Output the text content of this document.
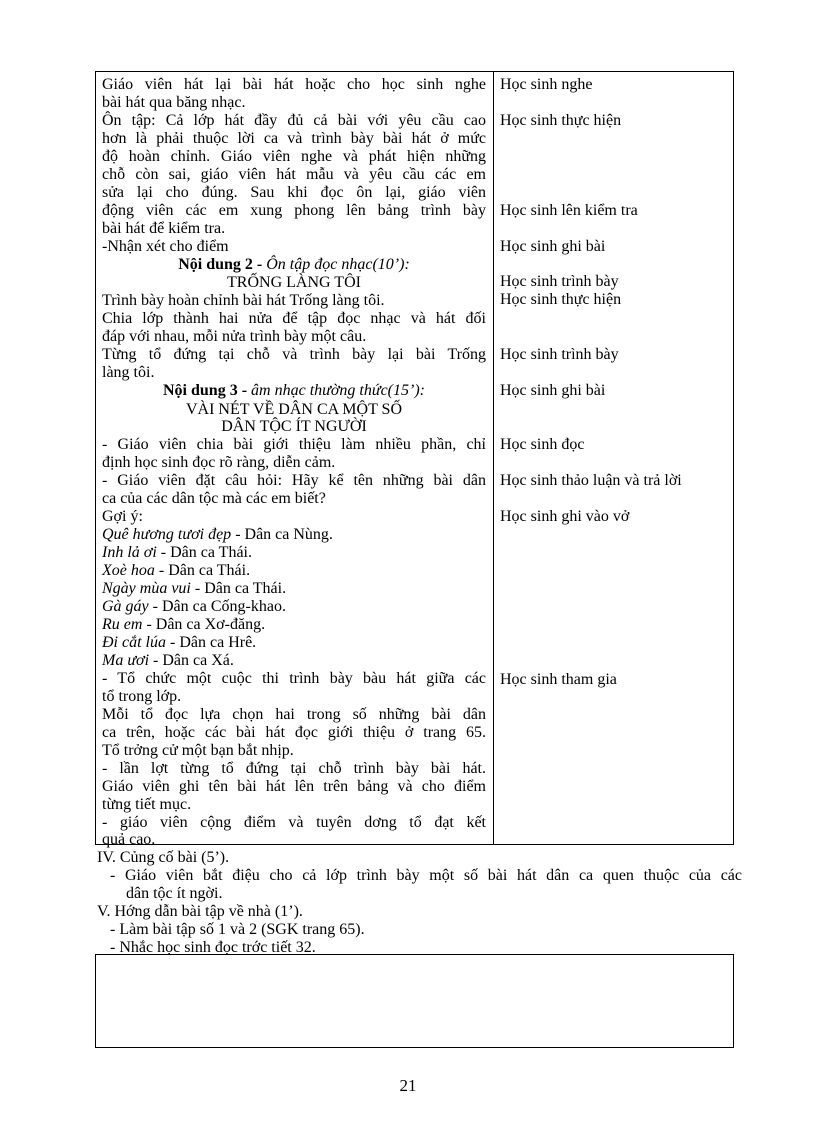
Giáo viên hát lại bài hát hoặc cho học sinh nghe
bài hát qua băng nhạc.
Ôn tập: Cả lớp hát đầy đủ cả bài với yêu cầu cao
hơn là phải thuộc lời ca và trình bày bài hát ở mức
độ hoàn chỉnh. Giáo viên nghe và phát hiện những
chỗ còn sai, giáo viên hát mẫu và yêu cầu các em
sửa lại cho đúng. Sau khi đọc ôn lại, giáo viên
động viên các em xung phong lên bảng trình bày
bài hát để kiểm tra.
-Nhận xét cho điểm
Nội dung 2 - Ôn tập đọc nhạc(10’):
TRỐNG LÀNG TÔI
Trình bày hoàn chỉnh bài hát Trống làng tôi.
Chia lớp thành hai nửa để tập đọc nhạc và hát đối
đáp với nhau, mỗi nửa trình bày một câu.
Từng tổ đứng tại chỗ và trình bày lại bài Trống
làng tôi.
Nội dung 3 - âm nhạc thường thức(15’):
VÀI NÉT VỀ DÂN CA MỘT SỐ
DÂN TỘC ÍT NGƯỜI
- Giáo viên chia bài giới thiệu làm nhiều phần, chỉ
định học sinh đọc rõ ràng, diễn cảm.
- Giáo viên đặt câu hỏi: Hãy kể tên những bài dân
ca của các dân tộc mà các em biết?
Gợi ý:
Quê hương tươi đẹp - Dân ca Nùng.
Inh lả ơi - Dân ca Thái.
Xoè hoa - Dân ca Thái.
Ngày mùa vui - Dân ca Thái.
Gà gáy - Dân ca Cống-khao.
Ru em - Dân ca Xơ-đăng.
Đi cắt lúa - Dân ca Hrê.
Ma ươi - Dân ca Xá.
- Tổ chức một cuộc thi trình bày bàu hát giữa các
tổ trong lớp.
Mỗi tổ đọc lựa chọn hai trong số những bài dân
ca trên, hoặc các bài hát đọc giới thiệu ở trang 65.
Tổ trởng cử một bạn bắt nhịp.
- lần lợt từng tổ đứng tại chỗ trình bày bài hát.
Giáo viên ghi tên bài hát lên trên bảng và cho điểm
từng tiết mục.
- giáo viên cộng điểm và tuyên dơng tổ đạt kết
quả cao.
Học sinh nghe
Học sinh thực hiện
Học sinh lên kiểm tra
Học sinh ghi bài
Học sinh trình bày
Học sinh thực hiện
Học sinh trình bày
Học sinh ghi bài
Học sinh đọc
Học sinh thảo luận và trả lời
Học sinh ghi vào vở
Học sinh tham gia
IV. Củng cố bài (5’).
- Giáo viên bắt điệu cho cả lớp trình bày một số bài hát dân ca quen thuộc của các
dân tộc ít ngời.
V. Hớng dẫn bài tập về nhà (1’).
- Làm bài tập số 1 và 2 (SGK trang 65).
- Nhắc học sinh đọc trớc tiết 32.
21
